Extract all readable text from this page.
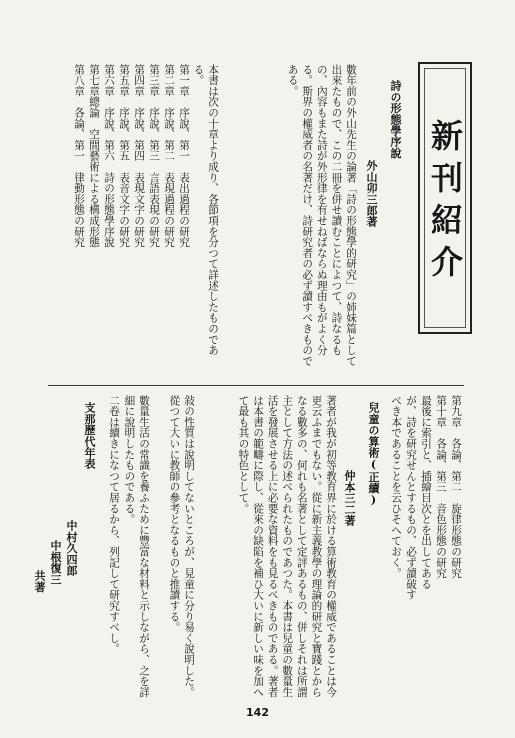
新刊紹介
詩の形態學序說
外山卯三郎著
數年前の外山先生の論著「詩の形態學的研究」の姉妹篇として出來たもので、この二冊を併せ讀むことによつて、詩なるもの、內容もまた詩が外形律を有せねばならぬ理由もがよく分る。斯界の權威者の名著だけ、詩研究者の必ず讀すべきものである。
本書は次の十章より成り、各節項を分つて詳述したものである。
第一章　序說、第一　表出過程の研究
第二章　序說、第二　表現過程の研究
第三章　序說、第三　言語表現の研究
第四章　序說、第四　表現文字の研究
第五章　序說、第五　表音文字の研究
第六章　序說、第六　詩の形態學序說
第七章總論　空間藝術による構成形態
第八章　各論、第一　律動形態の研究
第九章　各論、第二　旋律形態の研究
第十章　各論、第三　音色形態の研究
最後に索引と、插繪目次とを出してある
が、詩を研究せんとするもの、必ず讀破す
べき本であることを云ひそへておく。
兒童の算術(正續)
仲本三二著
著者が我が初等教育界に於ける算術教育の權威であることは今更云ふまでもない。從に新主義教學の理論的研究と寶踐とからなる數多の、何れも名著として定評あるもの、併しそれは所謂主として方法の述べられたものであつた。本書は兒童の數量生活を發展させる上に必要な資料をも見るべきものである。著者は本書の範疇に際し、從來の缺陷を補ひ大いに新しい味を加へて最も其の特色として。
敍の性質は說明してないところが、見童に分り易く說明した。從つて大いに教師の參考となるものと推讀する。
數量生活の常識を養ふために豐富な材料と示しながら、之を詳細に說明したものである。
二卷は續きになつて居るから、列記して研究すべし。
支那歷代年表
中村久四郎
中根復三
共著
142
